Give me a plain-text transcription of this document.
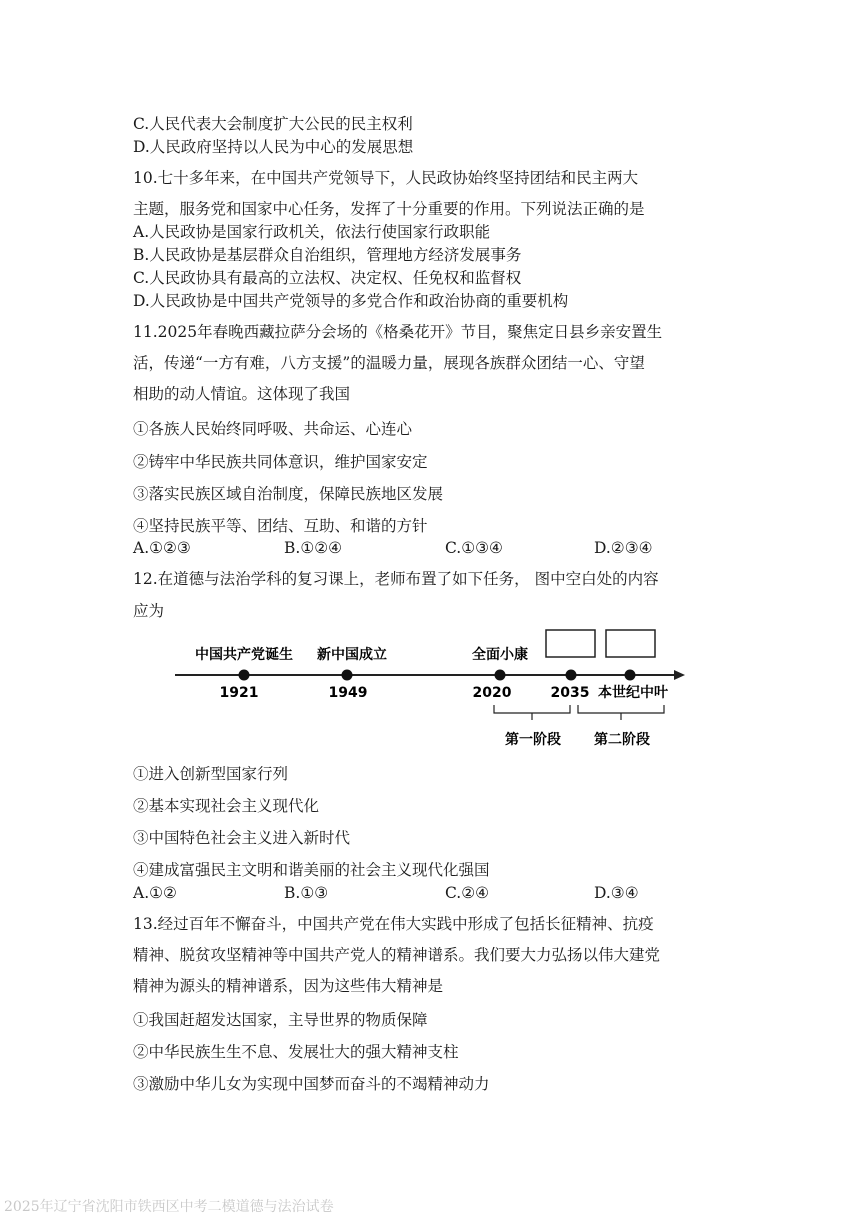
C.人民代表大会制度扩大公民的民主权利
D.人民政府坚持以人民为中心的发展思想
10.七十多年来，在中国共产党领导下，人民政协始终坚持团结和民主两大
主题，服务党和国家中心任务，发挥了十分重要的作用。下列说法正确的是
A.人民政协是国家行政机关，依法行使国家行政职能
B.人民政协是基层群众自治组织，管理地方经济发展事务
C.人民政协具有最高的立法权、决定权、任免权和监督权
D.人民政协是中国共产党领导的多党合作和政治协商的重要机构
11.2025年春晚西藏拉萨分会场的《格桑花开》节目，聚焦定日县乡亲安置生
活，传递“一方有难，八方支援”的温暖力量，展现各族群众团结一心、守望
相助的动人情谊。这体现了我国
①各族人民始终同呼吸、共命运、心连心
②铸牢中华民族共同体意识，维护国家安定
③落实民族区域自治制度，保障民族地区发展
④坚持民族平等、团结、互助、和谐的方针
A.①②③	B.①②④	C.①③④	D.②③④
12.在道德与法治学科的复习课上，老师布置了如下任务， 图中空白处的内容
应为
中国共产党诞生 新中国成立	全面小康
1921	1949	2020	2035 本世纪中叶
第一阶段 第二阶段
①进入创新型国家行列
②基本实现社会主义现代化
③中国特色社会主义进入新时代
④建成富强民主文明和谐美丽的社会主义现代化强国
A.①②	B.①③	C.②④	D.③④
13.经过百年不懈奋斗，中国共产党在伟大实践中形成了包括长征精神、抗疫
精神、脱贫攻坚精神等中国共产党人的精神谱系。我们要大力弘扬以伟大建党
精神为源头的精神谱系，因为这些伟大精神是
①我国赶超发达国家，主导世界的物质保障
②中华民族生生不息、发展壮大的强大精神支柱
③激励中华儿女为实现中国梦而奋斗的不竭精神动力
2025年辽宁省沈阳市铁西区中考二模道德与法治试卷
